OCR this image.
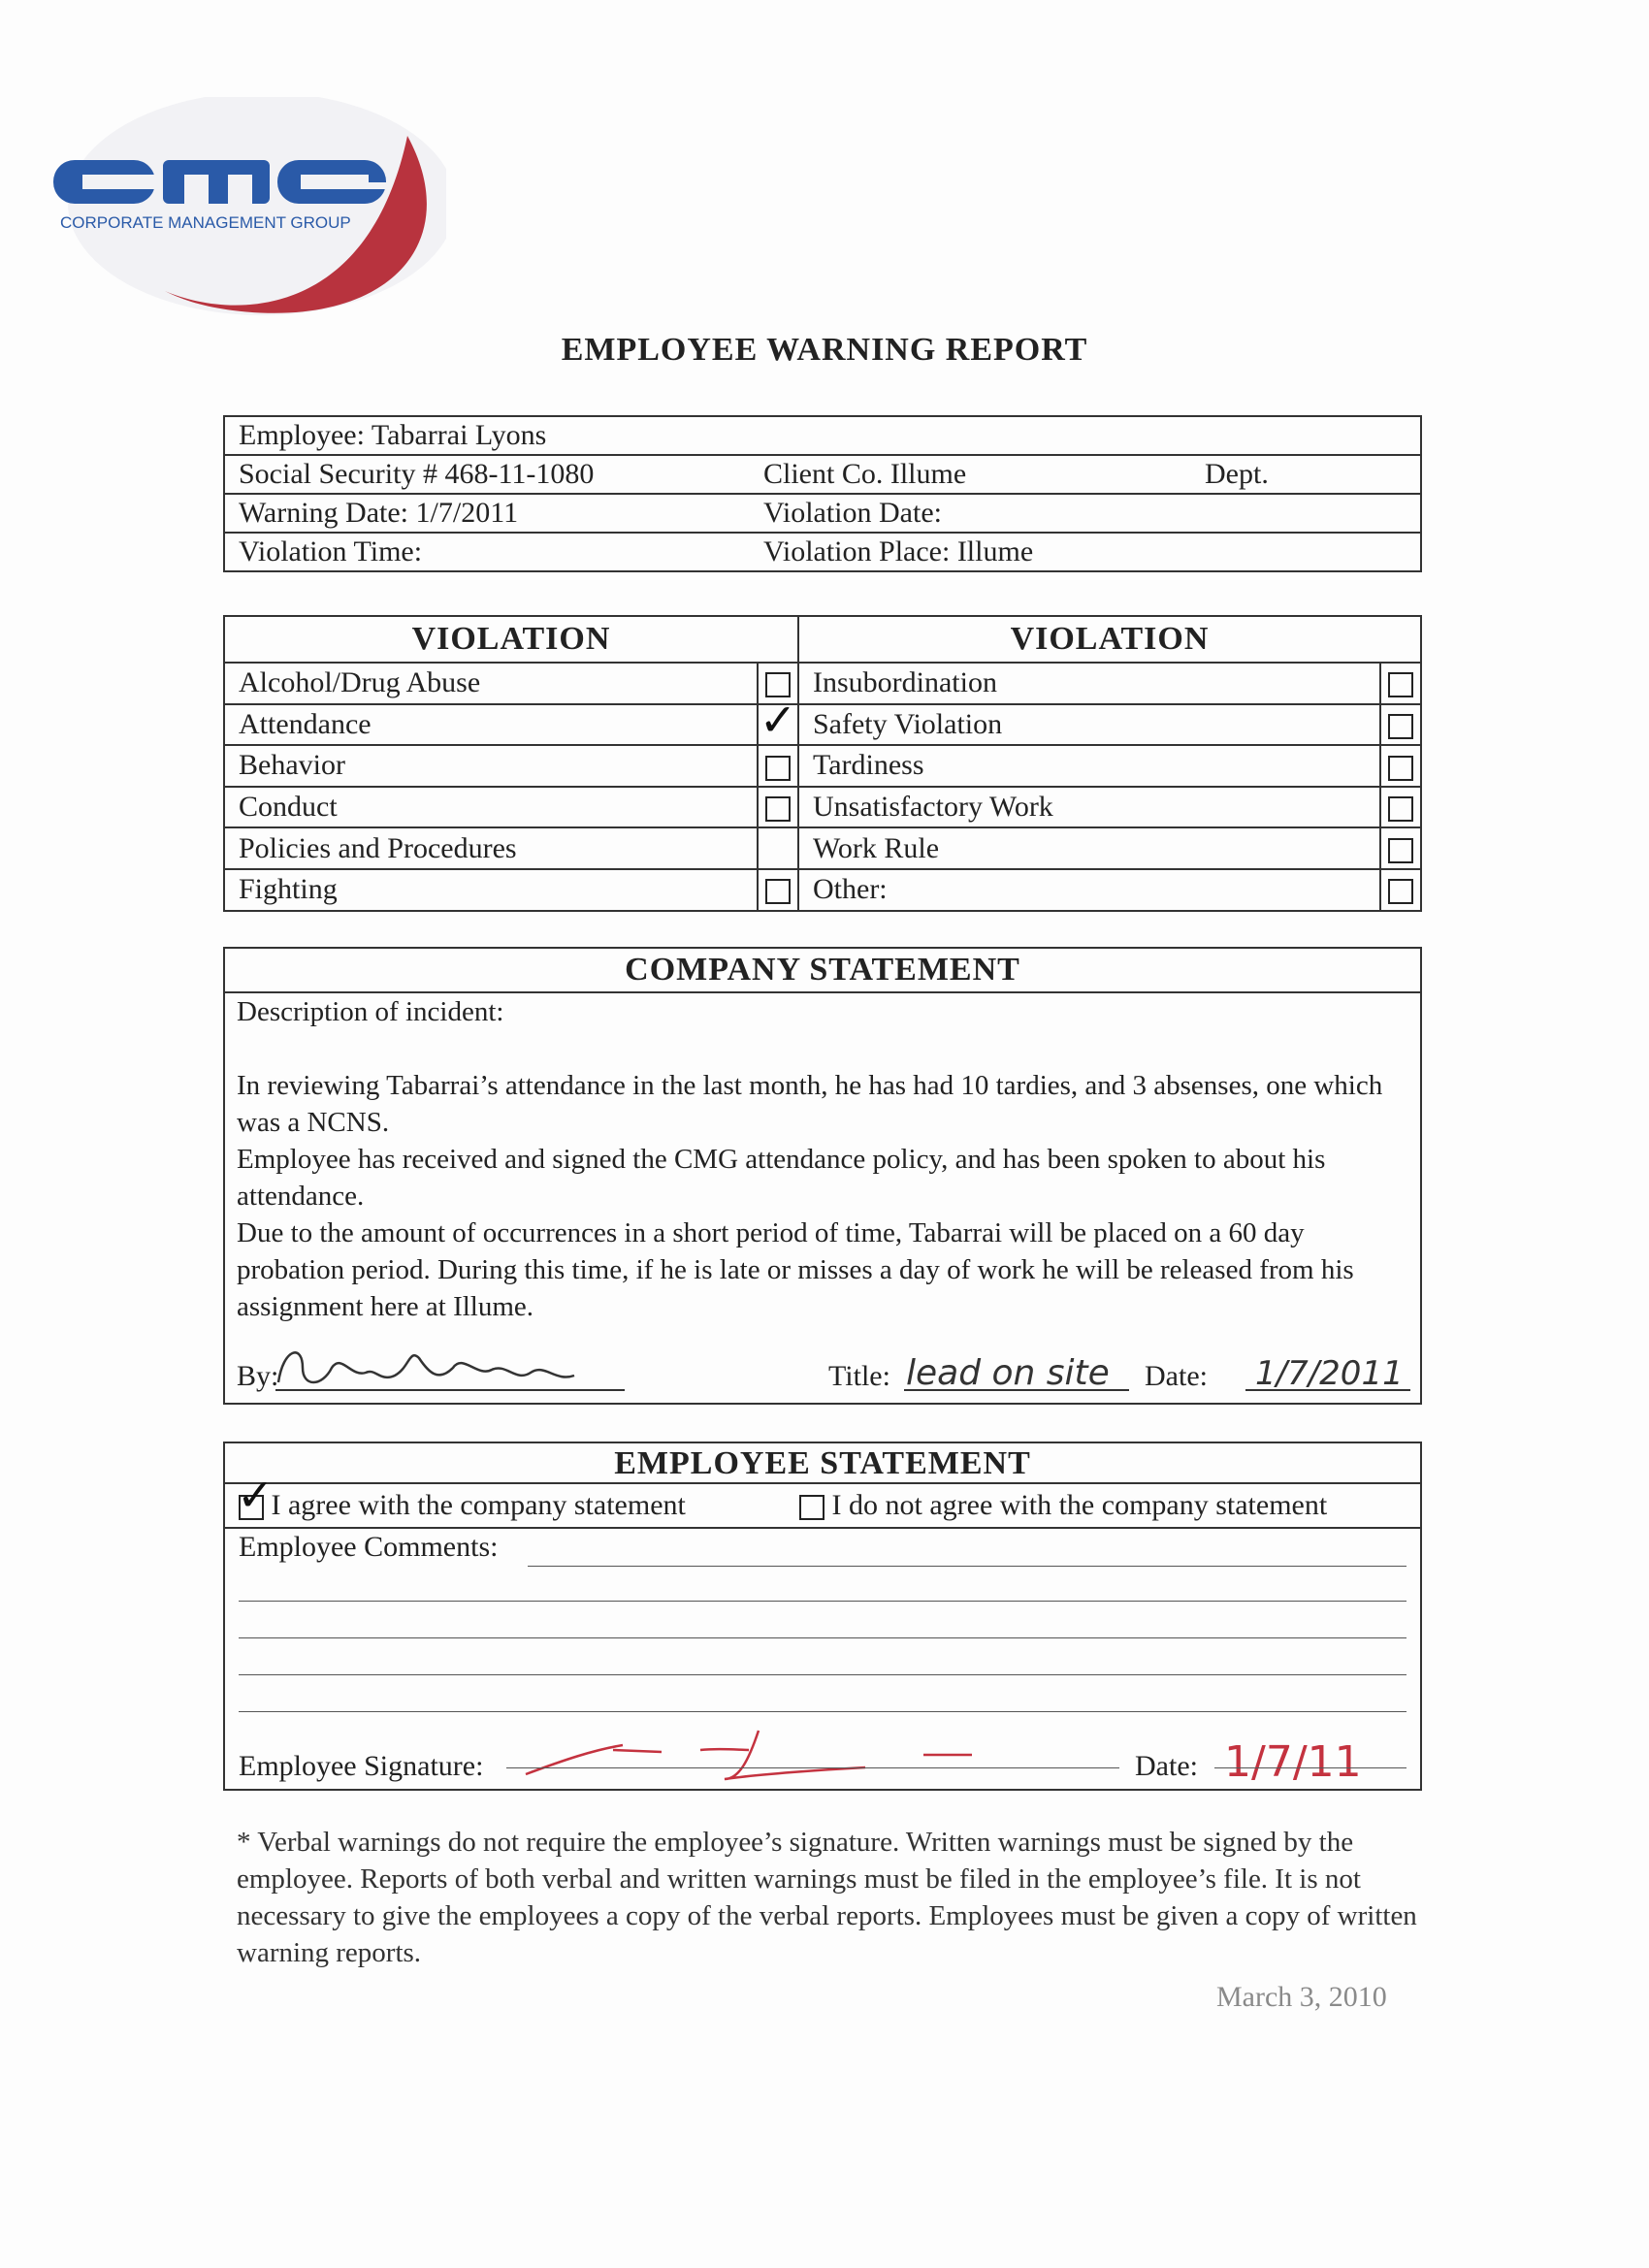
CORPORATE MANAGEMENT GROUP
EMPLOYEE WARNING REPORT
Employee: Tabarrai Lyons
Social Security # 468-11-1080	Client Co. Illume	Dept.

Warning Date: 1/7/2011	Violation Date:

Violation Time:	Violation Place: Illume
VIOLATION		VIOLATION	
Alcohol/Drug Abuse		Insubordination	
Attendance	✓	Safety Violation	
Behavior		Tardiness	
Conduct		Unsatisfactory Work	
Policies and Procedures		Work Rule	
Fighting		Other:	
COMPANY STATEMENT
Description of incident:
In reviewing Tabarrai’s attendance in the last month, he has had 10 tardies, and 3 absenses, one which was a NCNS.
Employee has received and signed the CMG attendance policy, and has been spoken to about his attendance.
Due to the amount of occurrences in a short period of time, Tabarrai will be placed on a 60 day probation period. During this time, if he is late or misses a day of work he will be released from his assignment here at Illume.
By:	Title: lead on site Date: 1/7/2011
EMPLOYEE STATEMENT
✓
I agree with the company statement	I do not agree with the company statement
Employee Comments:
Employee Signature:	Date: 1/7/11
* Verbal warnings do not require the employee’s signature. Written warnings must be signed by the employee. Reports of both verbal and written warnings must be filed in the employee’s file. It is not necessary to give the employees a copy of the verbal reports. Employees must be given a copy of written warning reports.
March 3, 2010
